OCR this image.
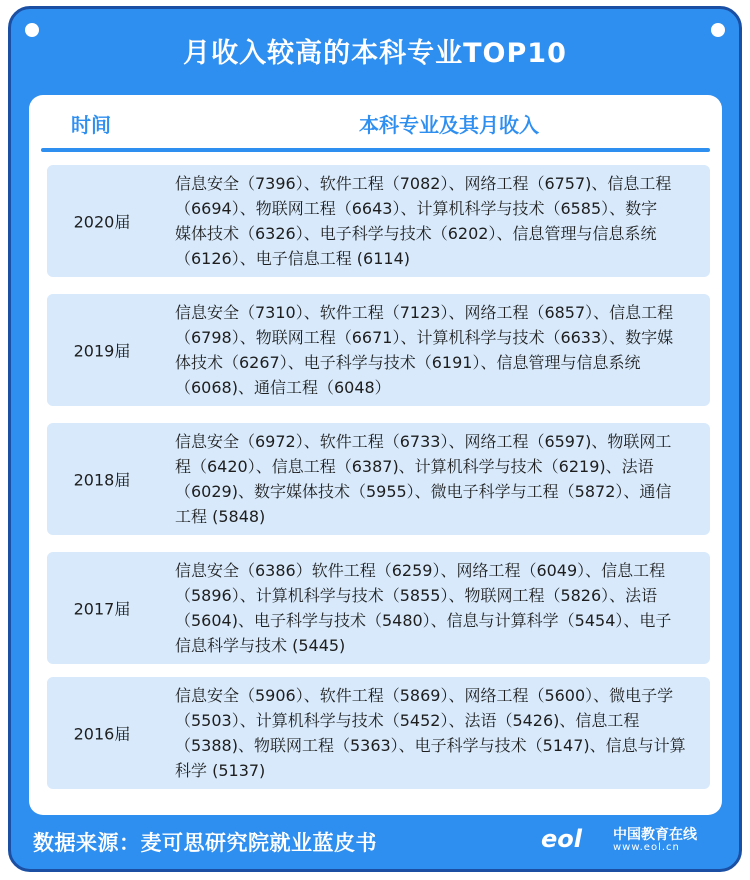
月收入较高的本科专业TOP10
时间	本科专业及其月收入
2020届
信息安全（7396）、软件工程（7082）、网络工程（6757)、信息工程
（6694）、物联网工程（6643）、计算机科学与技术（6585）、数字
媒体技术（6326）、电子科学与技术（6202）、信息管理与信息系统
（6126）、电子信息工程 (6114)
2019届
信息安全（7310）、软件工程（7123）、网络工程（6857）、信息工程
（6798）、物联网工程（6671）、计算机科学与技术（6633）、数字媒
体技术（6267）、电子科学与技术（6191）、信息管理与信息系统
（6068)、通信工程（6048）
2018届
信息安全（6972）、软件工程（6733）、网络工程（6597)、物联网工
程（6420）、信息工程（6387)、计算机科学与技术（6219)、法语
（6029)、数字媒体技术（5955）、微电子科学与工程（5872）、通信
工程 (5848)
2017届
信息安全（6386）软件工程（6259）、网络工程（6049）、信息工程
（5896）、计算机科学与技术（5855）、物联网工程（5826）、法语
（5604)、电子科学与技术（5480）、信息与计算科学（5454）、电子
信息科学与技术 (5445)
2016届
信息安全（5906）、软件工程（5869）、网络工程（5600）、微电子学
（5503）、计算机科学与技术（5452）、法语（5426)、信息工程
（5388)、物联网工程（5363）、电子科学与技术（5147)、信息与计算
科学 (5137)
数据来源：麦可思研究院就业蓝皮书	eol 中国教育在线
www.eol.cn
